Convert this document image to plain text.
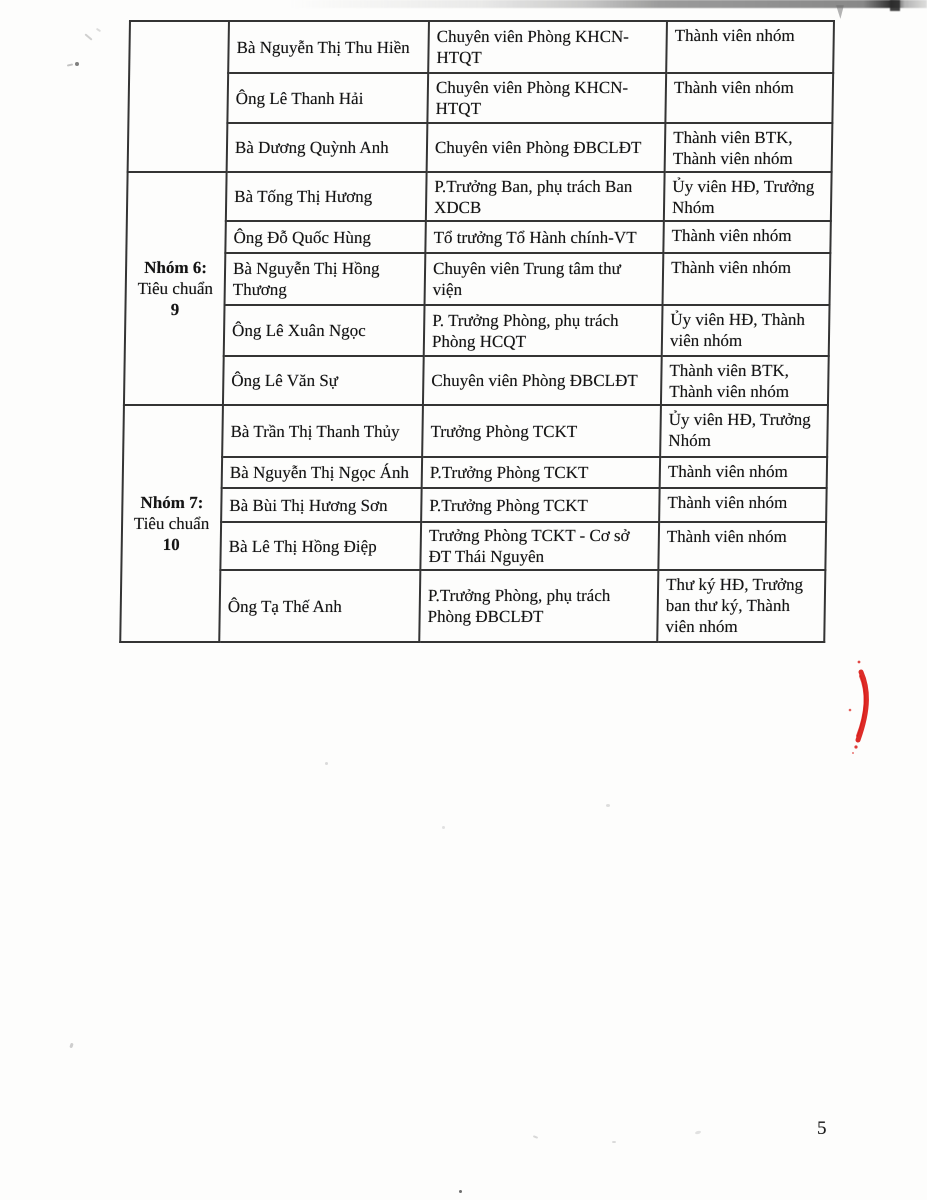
	Bà Nguyễn Thị Thu Hiền	Chuyên viên Phòng KHCN-HTQT	Thành viên nhóm
	Ông Lê Thanh Hải	Chuyên viên Phòng KHCN-HTQT	Thành viên nhóm
	Bà Dương Quỳnh Anh	Chuyên viên Phòng ĐBCLĐT	Thành viên BTK, Thành viên nhóm

Nhóm 6:
Tiêu chuẩn
9	Bà Tống Thị Hương	P.Trưởng Ban, phụ trách Ban XDCB	Ủy viên HĐ, Trưởng Nhóm
	Ông Đỗ Quốc Hùng	Tổ trưởng Tổ Hành chính-VT	Thành viên nhóm
	Bà Nguyễn Thị Hồng Thương	Chuyên viên Trung tâm thư viện	Thành viên nhóm
	Ông Lê Xuân Ngọc	P. Trưởng Phòng, phụ trách Phòng HCQT	Ủy viên HĐ, Thành viên nhóm
	Ông Lê Văn Sự	Chuyên viên Phòng ĐBCLĐT	Thành viên BTK, Thành viên nhóm

Nhóm 7:
Tiêu chuẩn
10	Bà Trần Thị Thanh Thủy	Trưởng Phòng TCKT	Ủy viên HĐ, Trưởng Nhóm
	Bà Nguyễn Thị Ngọc Ánh	P.Trưởng Phòng TCKT	Thành viên nhóm
	Bà Bùi Thị Hương Sơn	P.Trưởng Phòng TCKT	Thành viên nhóm
	Bà Lê Thị Hồng Điệp	Trưởng Phòng TCKT - Cơ sở ĐT Thái Nguyên	Thành viên nhóm
	Ông Tạ Thế Anh	P.Trưởng Phòng, phụ trách Phòng ĐBCLĐT	Thư ký HĐ, Trưởng ban thư ký, Thành viên nhóm
5
